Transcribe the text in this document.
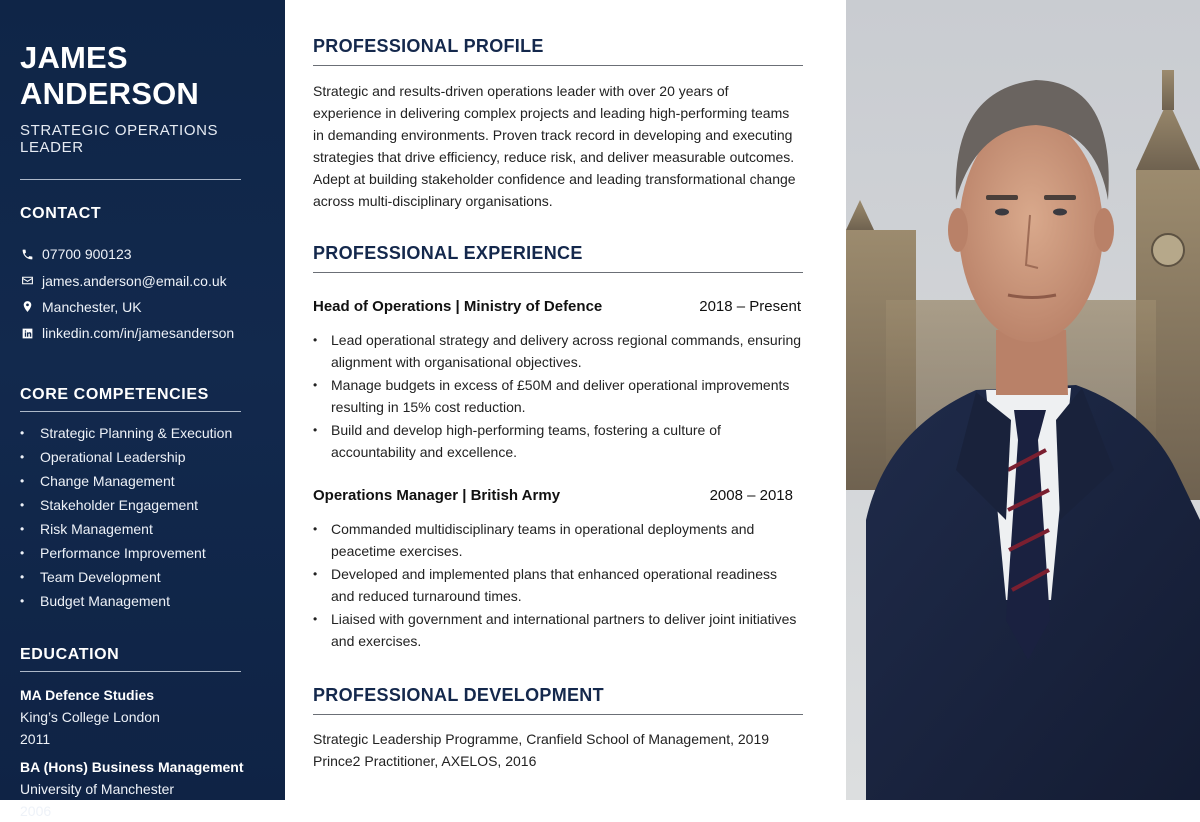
JAMES ANDERSON
STRATEGIC OPERATIONS LEADER
CONTACT
07700 900123
james.anderson@email.co.uk
Manchester, UK
linkedin.com/in/jamesanderson
CORE COMPETENCIES
•	Strategic Planning & Execution
•	Operational Leadership
•	Change Management
•	Stakeholder Engagement
•	Risk Management
•	Performance Improvement
•	Team Development
•	Budget Management
EDUCATION
MA Defence Studies
King’s College London
2011
BA (Hons) Business Management
University of Manchester
2006
PROFESSIONAL PROFILE

Strategic and results-driven operations leader with over 20 years of experience in delivering complex projects and leading high-performing teams in demanding environments. Proven track record in developing and executing strategies that drive efficiency, reduce risk, and deliver measurable outcomes. Adept at building stakeholder confidence and leading transformational change across multi-disciplinary organisations.

PROFESSIONAL EXPERIENCE
Head of Operations | Ministry of Defence	2018 – Present
• Lead operational strategy and delivery across regional commands, ensuring alignment with organisational objectives.
• Manage budgets in excess of £50M and deliver operational improvements resulting in 15% cost reduction.
• Build and develop high-performing teams, fostering a culture of accountability and excellence.
Operations Manager | British Army	2008 – 2018
• Commanded multidisciplinary teams in operational deployments and peacetime exercises.
• Developed and implemented plans that enhanced operational readiness and reduced turnaround times.
• Liaised with government and international partners to deliver joint initiatives and exercises.
PROFESSIONAL DEVELOPMENT
Strategic Leadership Programme, Cranfield School of Management, 2019
Prince2 Practitioner, AXELOS, 2016
